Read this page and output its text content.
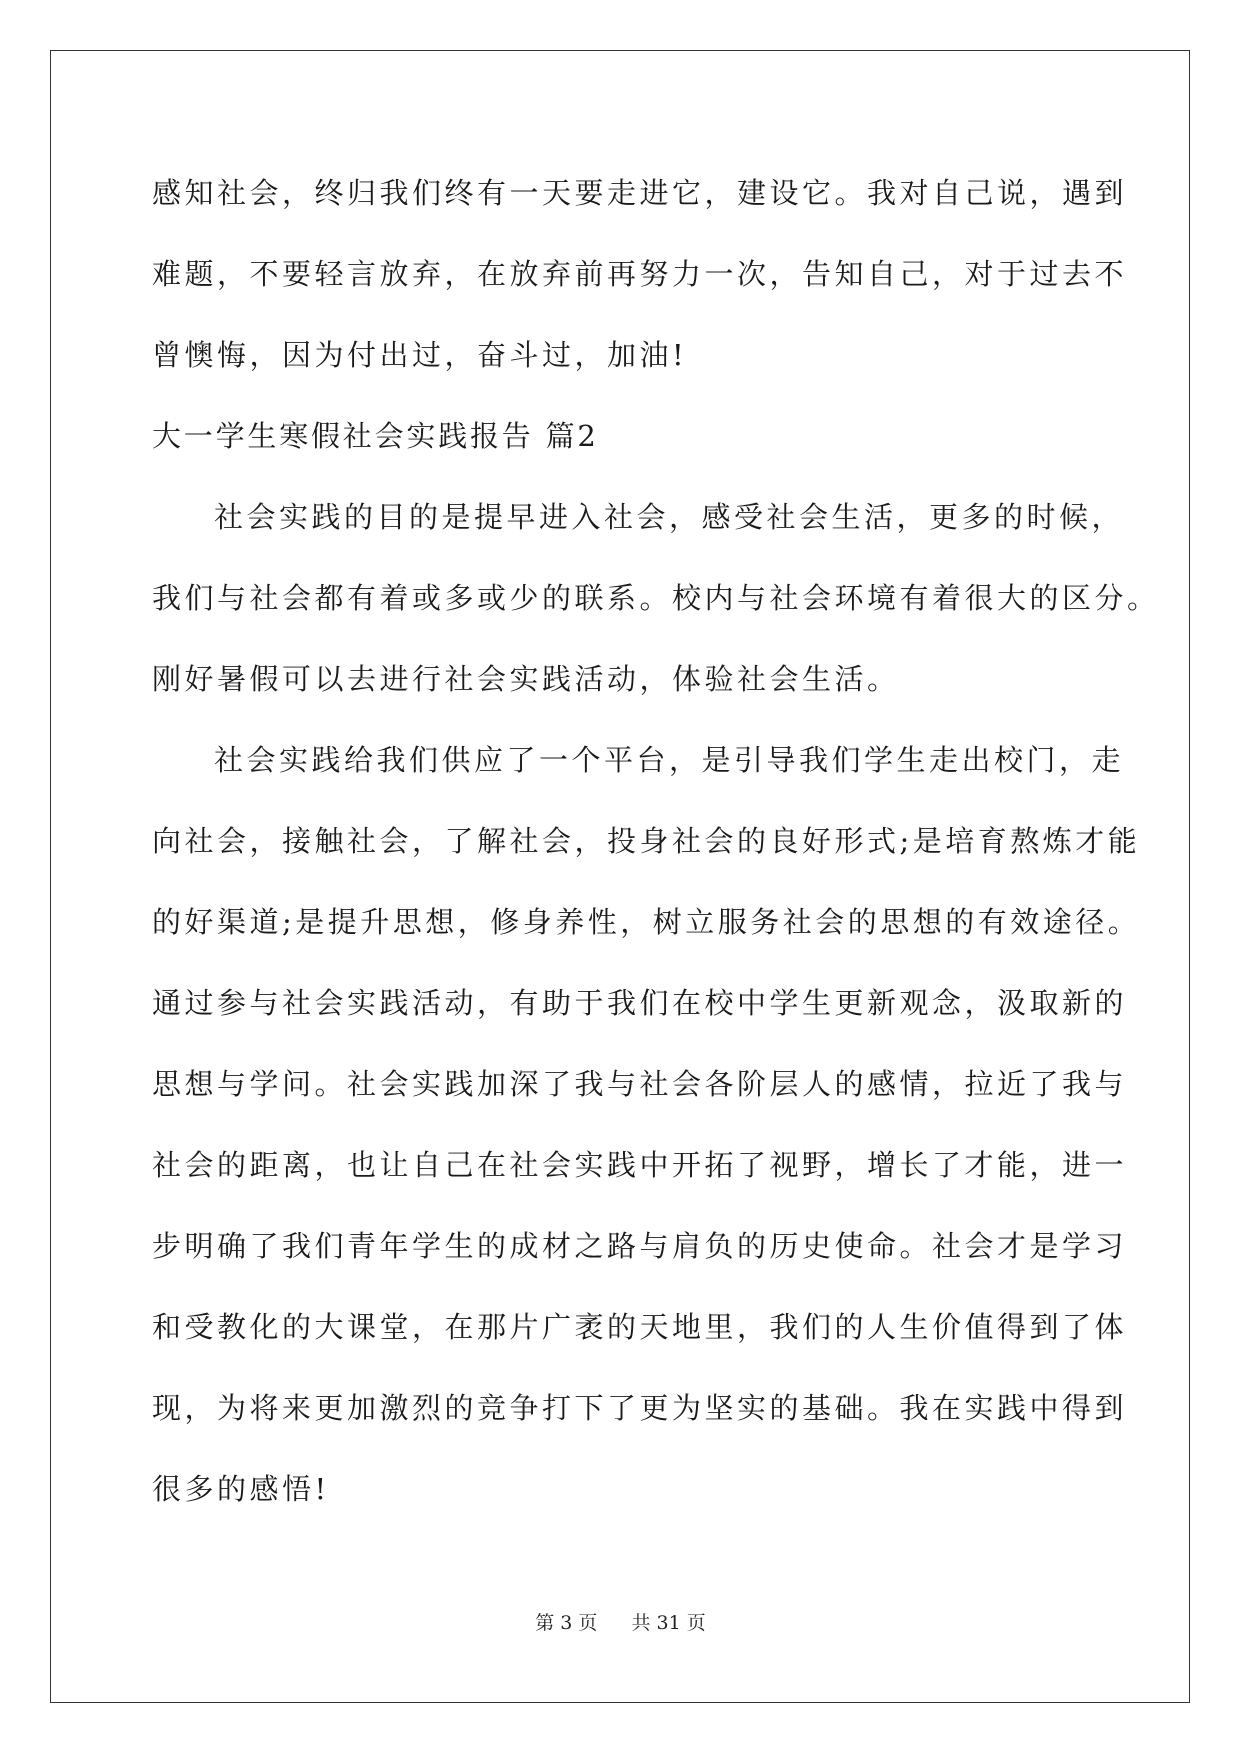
感知社会，终归我们终有一天要走进它，建设它。我对自己说，遇到
难题，不要轻言放弃，在放弃前再努力一次，告知自己，对于过去不
曾懊悔，因为付出过，奋斗过，加油!
大一学生寒假社会实践报告 篇2
社会实践的目的是提早进入社会，感受社会生活，更多的时候，
我们与社会都有着或多或少的联系。校内与社会环境有着很大的区分。
刚好暑假可以去进行社会实践活动，体验社会生活。
社会实践给我们供应了一个平台，是引导我们学生走出校门，走
向社会，接触社会，了解社会，投身社会的良好形式;是培育熬炼才能
的好渠道;是提升思想，修身养性，树立服务社会的思想的有效途径。
通过参与社会实践活动，有助于我们在校中学生更新观念，汲取新的
思想与学问。社会实践加深了我与社会各阶层人的感情，拉近了我与
社会的距离，也让自己在社会实践中开拓了视野，增长了才能，进一
步明确了我们青年学生的成材之路与肩负的历史使命。社会才是学习
和受教化的大课堂，在那片广袤的天地里，我们的人生价值得到了体
现，为将来更加激烈的竞争打下了更为坚实的基础。我在实践中得到
很多的感悟!
第 3 页 共 31 页
